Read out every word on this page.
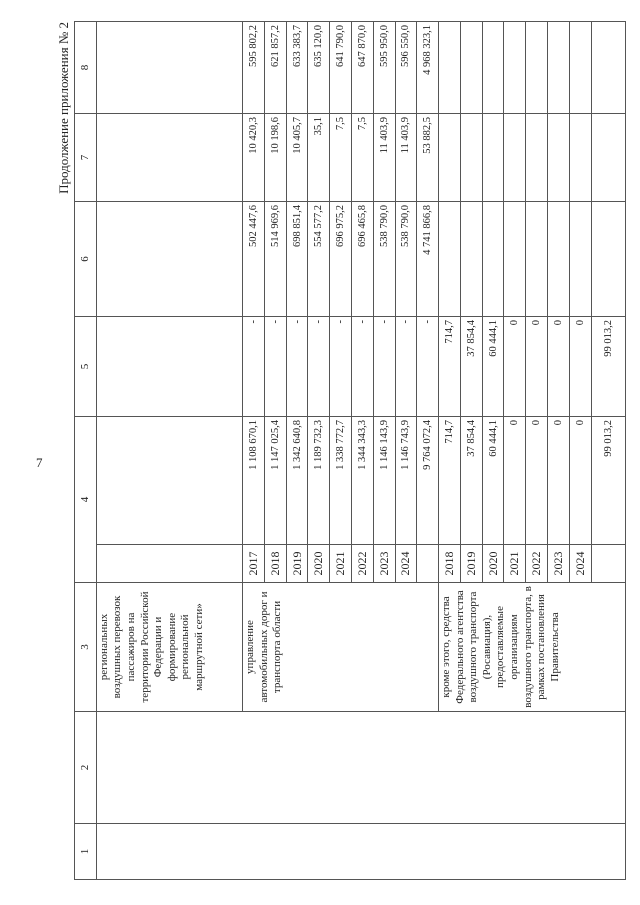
7
Продолжение приложения № 2
1	2	3	4		5	6	7	8
		региональных воздушных перевозок пассажиров на территории Российской Федерации и формирование региональной маршрутной сети»						
		управление автомобильных дорог и транспорта области	2017	1 108 670,1	-	502 447,6	10 420,3	595 802,2
			2018	1 147 025,4	-	514 969,6	10 198,6	621 857,2
			2019	1 342 640,8	-	698 851,4	10 405,7	633 383,7
			2020	1 189 732,3	-	554 577,2	35,1	635 120,0
			2021	1 338 772,7	-	696 975,2	7,5	641 790,0
			2022	1 344 343,3	-	696 465,8	7,5	647 870,0
			2023	1 146 143,9	-	538 790,0	11 403,9	595 950,0
			2024	1 146 743,9	-	538 790,0	11 403,9	596 550,0
				9 764 072,4	-	4 741 866,8	53 882,5	4 968 323,1
		кроме этого, средства Федерального агентства воздушного транспорта (Росавиация), предоставляемые организациям воздушного транспорта, в рамках постановления Правительства	2018	714,7	714,7			
			2019	37 854,4	37 854,4			
			2020	60 444,1	60 444,1			
			2021	0	0			
			2022	0	0			
			2023	0	0			
			2024	0	0			
				99 013,2	99 013,2			
